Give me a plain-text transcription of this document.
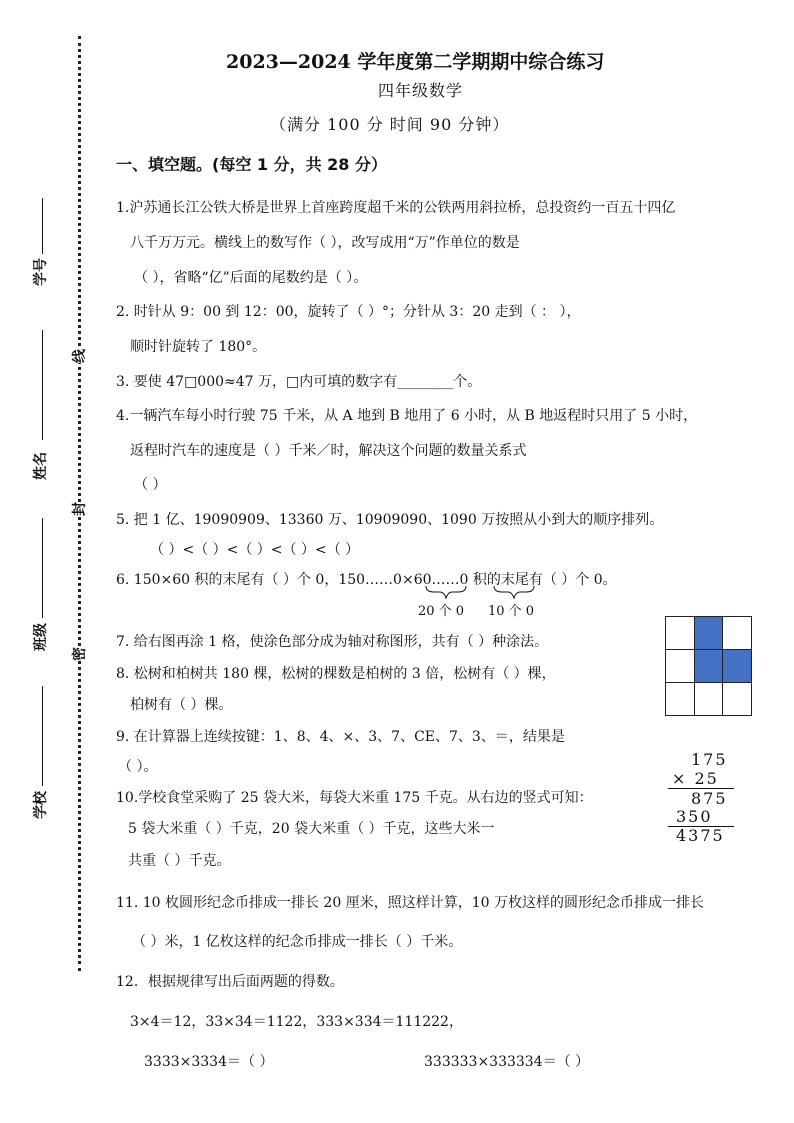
学号
姓名
班级
学校
线
封
密
2023—2024 学年度第二学期期中综合练习
四年级数学
（满分 100 分 时间 90 分钟）
一、填空题。(每空 1 分，共 28 分）
1.沪苏通长江公铁大桥是世界上首座跨度超千米的公铁两用斜拉桥，总投资约一百五十四亿
八千万万元。横线上的数写作（ ），改写成用“万”作单位的数是
（ ），省略“亿”后面的尾数约是（ ）。
2. 时针从 9：00 到 12：00，旋转了（ ）°；分针从 3：20 走到（ ： ），
顺时针旋转了 180°。
3. 要使 47□000≈47 万，□内可填的数字有________个。
4.一辆汽车每小时行驶 75 千米，从 A 地到 B 地用了 6 小时，从 B 地返程时只用了 5 小时，
返程时汽车的速度是（ ）千米／时，解决这个问题的数量关系式
（ ）
5. 把 1 亿、19090909、13360 万、10909090、1090 万按照从小到大的顺序排列。
（ ）<（ ）<（ ）<（ ）<（ ）
6. 150×60 积的末尾有（ ）个 0，150……0×60……0 积的末尾有（ ）个 0。
20 个 0 10 个 0
7. 给右图再涂 1 格，使涂色部分成为轴对称图形，共有（ ）种涂法。

8. 松树和柏树共 180 棵，松树的棵数是柏树的 3 倍，松树有（ ）棵，
柏树有（ ）棵。
9. 在计算器上连续按键：1、8、4、×、3、7、CE、7、3、＝，结果是
（ ）。	175
× 25
875
350
4375
10.学校食堂采购了 25 袋大米，每袋大米重 175 千克。从右边的竖式可知：
5 袋大米重（ ）千克，20 袋大米重（ ）千克，这些大米一
共重（ ）千克。
11. 10 枚圆形纪念币排成一排长 20 厘米，照这样计算，10 万枚这样的圆形纪念币排成一排长
（ ）米，1 亿枚这样的纪念币排成一排长（ ）千米。
12．根据规律写出后面两题的得数。
3×4＝12，33×34＝1122，333×334＝111222，
3333×3334＝（ ）	333333×333334＝（ ）
